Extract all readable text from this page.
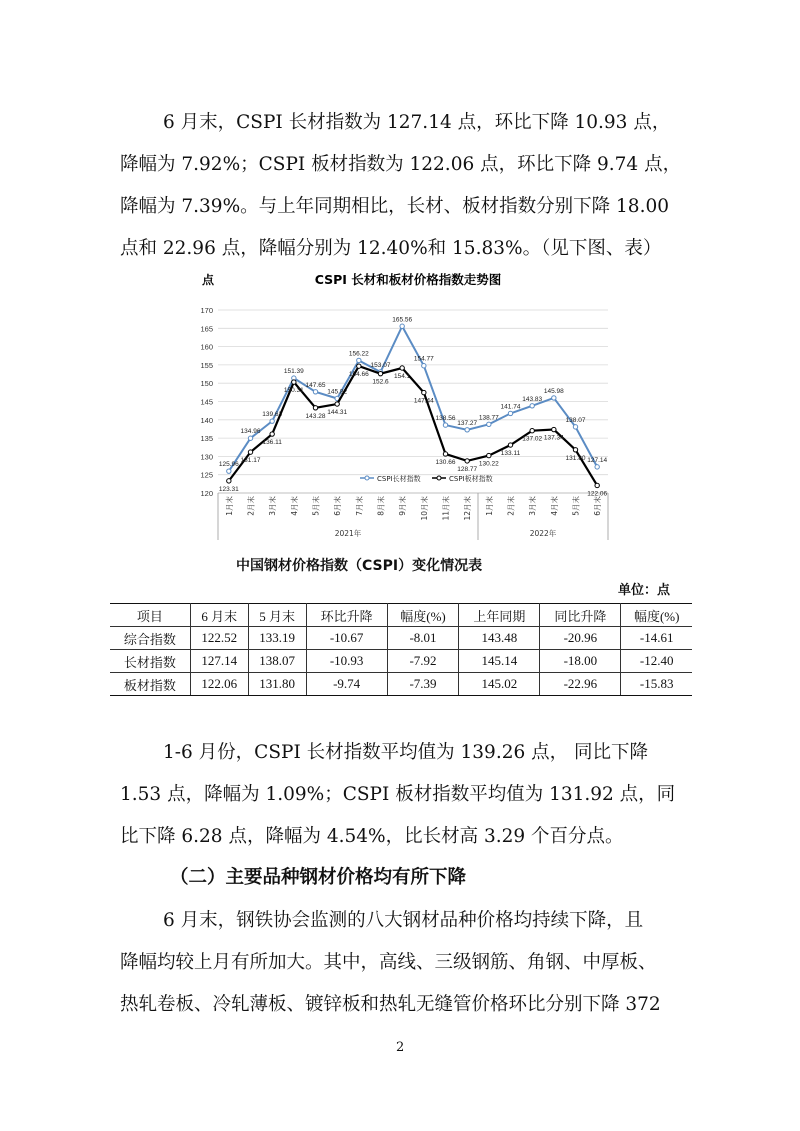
6 月末，CSPI 长材指数为 127.14 点，环比下降 10.93 点，
降幅为 7.92%；CSPI 板材指数为 122.06 点，环比下降 9.74 点，
降幅为 7.39%。与上年同期相比，长材、板材指数分别下降 18.00
点和 22.96 点，降幅分别为 12.40%和 15.83%。（见下图、表）
点	CSPI 长材和板材价格指数走势图
120
125
130
135
140
145
150
155
160
165
170
1月末 2月末 3月末 4月末 5月末 6月末 7月末 8月末 9月末 10月末 11月末 12月末 1月末 2月末 3月末 4月末 5月末 6月末
2021年	2022年
125.96
134.96
139.63
151.39
147.65
145.82
156.22
153.07
165.56
154.77
138.56
137.27
138.77
141.74
143.83
145.98
138.07
127.14
123.31
131.17
136.11
150.31
143.28
144.31
154.66
152.6
154.1
147.44
130.66
128.77
130.22
133.11
137.02 137.34
131.80
122.06
CSPI长材指数	CSPI板材指数
中国钢材价格指数（CSPI）变化情况表
单位：点
项目	6 月末	5 月末	环比升降	幅度(%)	上年同期	同比升降	幅度(%)
综合指数	122.52	133.19	-10.67	-8.01	143.48	-20.96	-14.61
长材指数	127.14	138.07	-10.93	-7.92	145.14	-18.00	-12.40
板材指数	122.06	131.80	-9.74	-7.39	145.02	-22.96	-15.83
1-6 月份，CSPI 长材指数平均值为 139.26 点， 同比下降
1.53 点，降幅为 1.09%；CSPI 板材指数平均值为 131.92 点，同
比下降 6.28 点，降幅为 4.54%，比长材高 3.29 个百分点。
（二）主要品种钢材价格均有所下降
6 月末，钢铁协会监测的八大钢材品种价格均持续下降，且
降幅均较上月有所加大。其中，高线、三级钢筋、角钢、中厚板、
热轧卷板、冷轧薄板、镀锌板和热轧无缝管价格环比分别下降 372
2
